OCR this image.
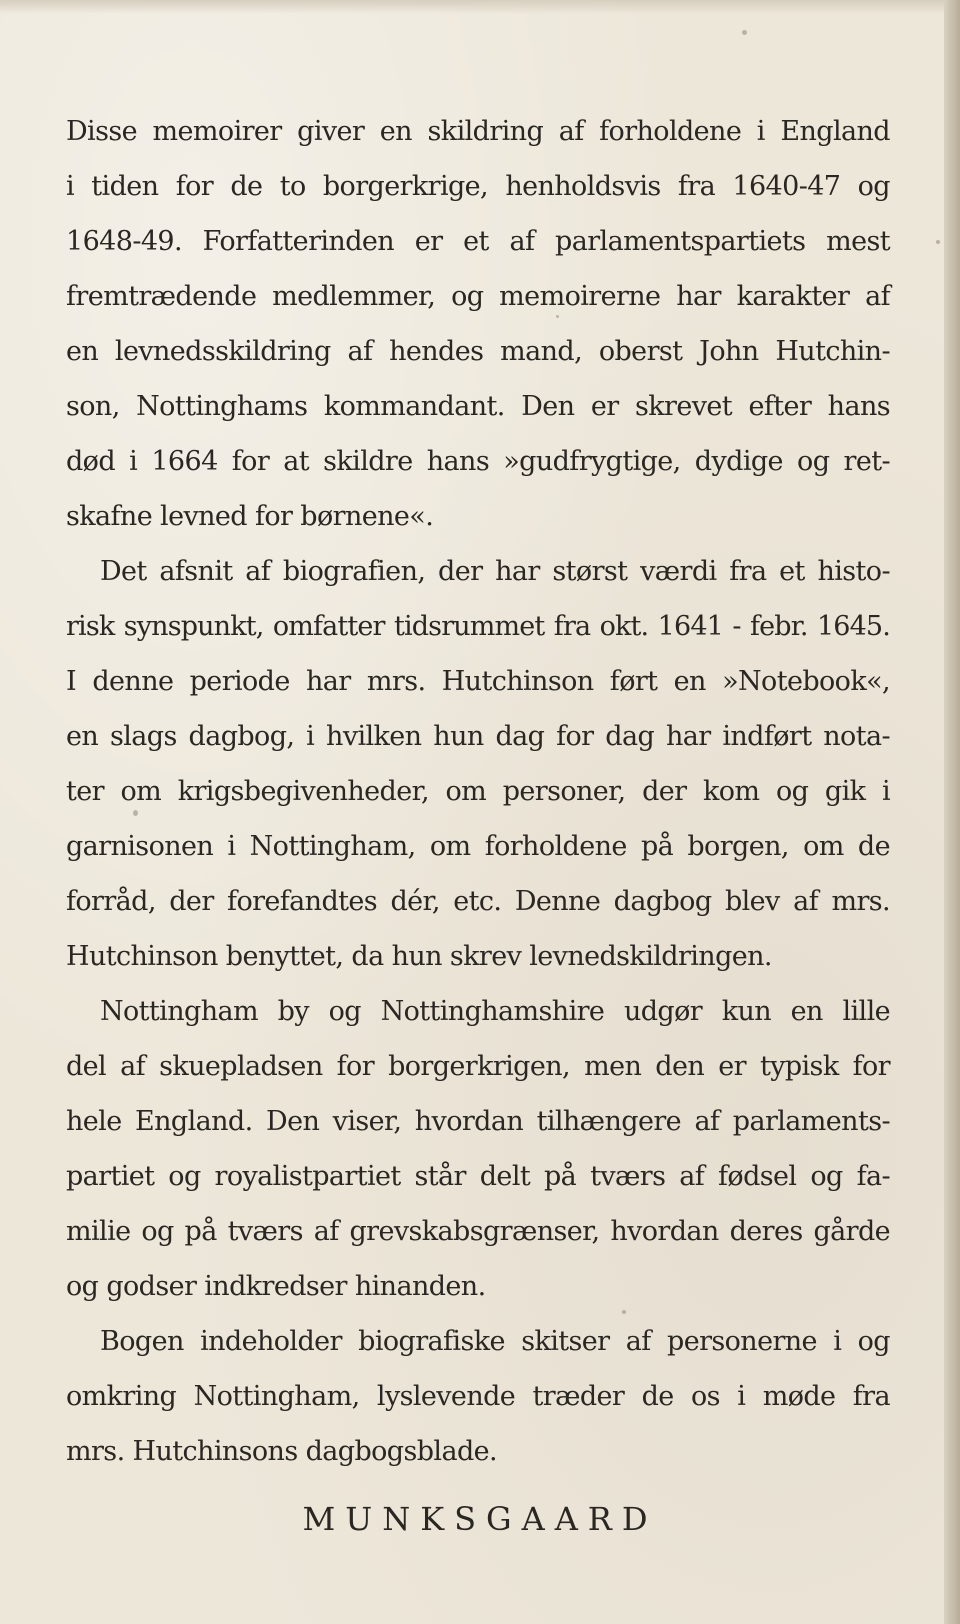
Disse memoirer giver en skildring af forholdene i England
i tiden for de to borgerkrige, henholdsvis fra 1640-47 og
1648-49. Forfatterinden er et af parlamentspartiets mest
fremtrædende medlemmer, og memoirerne har karakter af
en levnedsskildring af hendes mand, oberst John Hutchin-
son, Nottinghams kommandant. Den er skrevet efter hans
død i 1664 for at skildre hans »gudfrygtige, dydige og ret-
skafne levned for børnene«.
Det afsnit af biografien, der har størst værdi fra et histo-
risk synspunkt, omfatter tidsrummet fra okt. 1641 - febr. 1645.
I denne periode har mrs. Hutchinson ført en »Notebook«,
en slags dagbog, i hvilken hun dag for dag har indført nota-
ter om krigsbegivenheder, om personer, der kom og gik i
garnisonen i Nottingham, om forholdene på borgen, om de
forråd, der forefandtes dér, etc. Denne dagbog blev af mrs.
Hutchinson benyttet, da hun skrev levnedskildringen.
Nottingham by og Nottinghamshire udgør kun en lille
del af skuepladsen for borgerkrigen, men den er typisk for
hele England. Den viser, hvordan tilhængere af parlaments-
partiet og royalistpartiet står delt på tværs af fødsel og fa-
milie og på tværs af grevskabsgrænser, hvordan deres gårde
og godser indkredser hinanden.
Bogen indeholder biografiske skitser af personerne i og
omkring Nottingham, lyslevende træder de os i møde fra
mrs. Hutchinsons dagbogsblade.
MUNKSGAARD
